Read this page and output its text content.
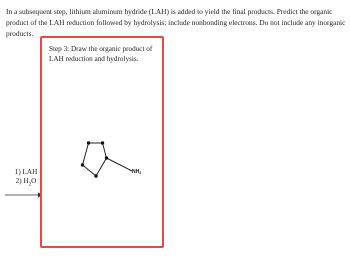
In a subsequent step, lithium aluminum hydride (LAH) is added to yield the final products. Predict the organic product of the LAH reduction followed by hydrolysis; include nonbonding electrons. Do not include any inorganic products.

1) LAH
2) $H_2O$

Step 3: Draw the organic product of LAH reduction and hydrolysis.

$NH_2$
